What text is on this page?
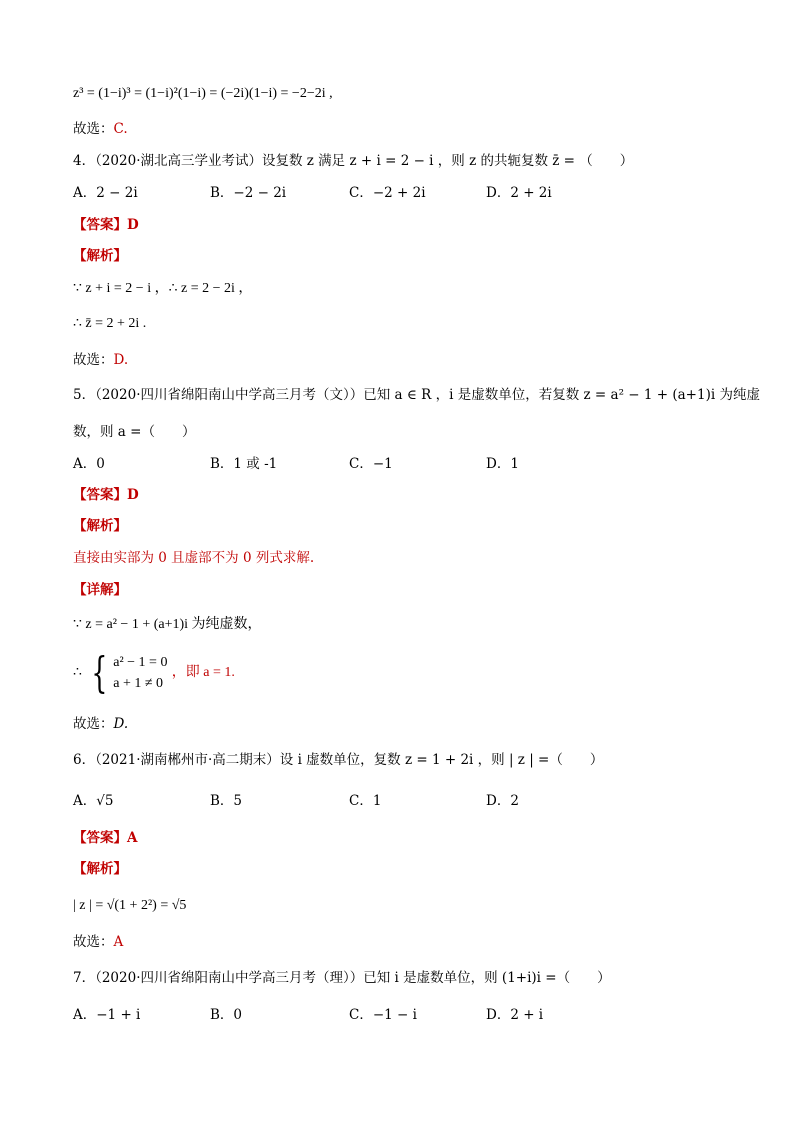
z³ = (1−i)³ = (1−i)²(1−i) = (−2i)(1−i) = −2−2i ,
故选：C.
4．（2020·湖北高三学业考试）设复数 z 满足 z + i = 2 − i ，则 z 的共轭复数 z̄ = （　　）
A．2 − 2i	B．−2 − 2i	C．−2 + 2i	D．2 + 2i
【答案】D
【解析】
∵ z + i = 2 − i ，∴ z = 2 − 2i ，
∴ z̄ = 2 + 2i .
故选：D.
5．（2020·四川省绵阳南山中学高三月考（文））已知 a ∈ R ，i 是虚数单位，若复数 z = a² − 1 + (a+1)i 为纯虚
数，则 a =（　　）
A．0	B．1 或 -1	C．−1	D．1
【答案】D
【解析】
直接由实部为 0 且虚部不为 0 列式求解.
【详解】
∵ z = a² − 1 + (a+1)i 为纯虚数，
∴ { a² − 1 = 0
a + 1 ≠ 0
，即 a = 1.
故选：D.
6．（2021·湖南郴州市·高二期末）设 i 虚数单位，复数 z = 1 + 2i ，则 | z | =（　　）
A．√5	B．5	C．1	D．2
【答案】A
【解析】
| z | = √(1 + 2²) = √5
故选：A
7．（2020·四川省绵阳南山中学高三月考（理））已知 i 是虚数单位，则 (1+i)i =（　　）
A．−1 + i	B．0	C．−1 − i	D．2 + i
